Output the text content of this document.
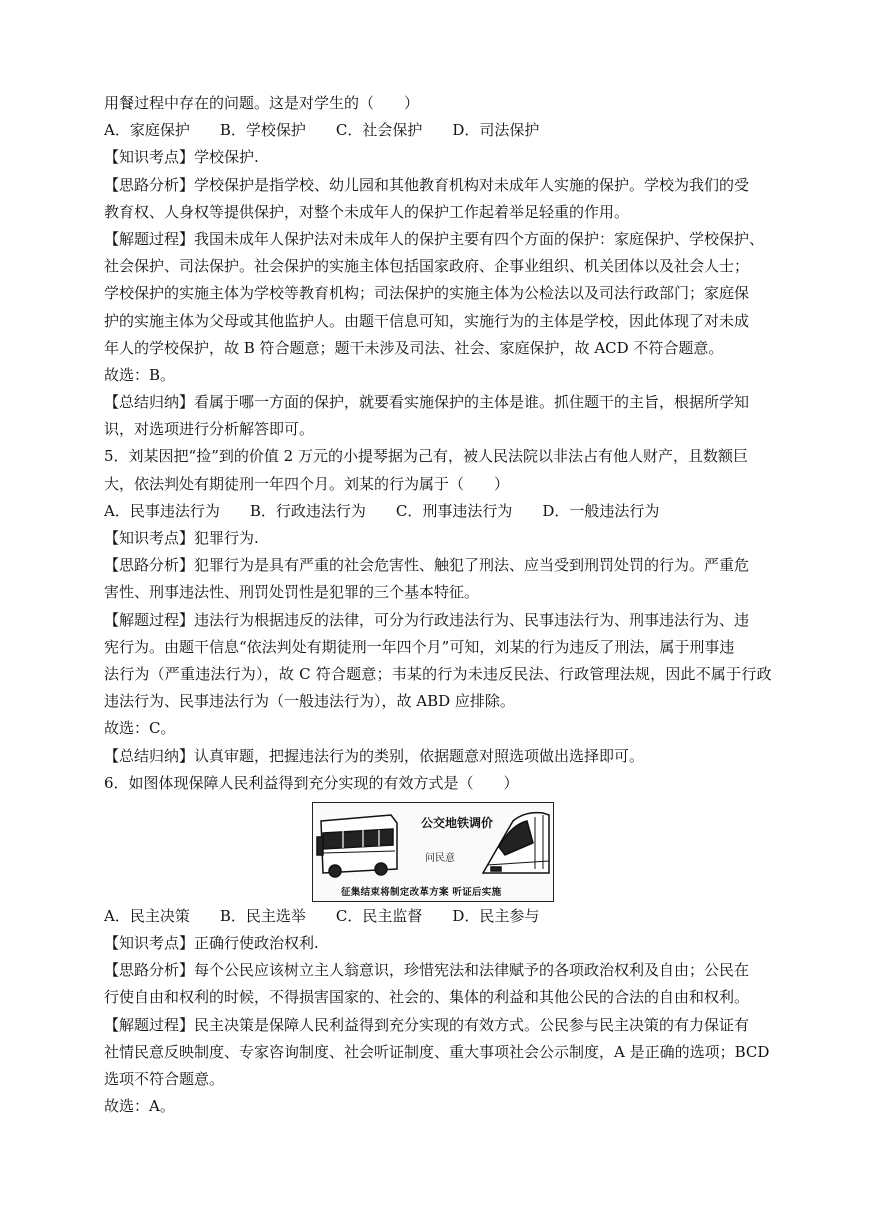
用餐过程中存在的问题。这是对学生的（　　）
A．家庭保护　　B．学校保护　　C．社会保护　　D．司法保护
【知识考点】学校保护.
【思路分析】学校保护是指学校、幼儿园和其他教育机构对未成年人实施的保护。学校为我们的受
教育权、人身权等提供保护，对整个未成年人的保护工作起着举足轻重的作用。
【解题过程】我国未成年人保护法对未成年人的保护主要有四个方面的保护：家庭保护、学校保护、
社会保护、司法保护。社会保护的实施主体包括国家政府、企事业组织、机关团体以及社会人士；
学校保护的实施主体为学校等教育机构；司法保护的实施主体为公检法以及司法行政部门；家庭保
护的实施主体为父母或其他监护人。由题干信息可知，实施行为的主体是学校，因此体现了对未成
年人的学校保护，故 B 符合题意；题干未涉及司法、社会、家庭保护，故 ACD 不符合题意。
故选：B。
【总结归纳】看属于哪一方面的保护，就要看实施保护的主体是谁。抓住题干的主旨，根据所学知
识，对选项进行分析解答即可。
5．刘某因把“捡”到的价值 2 万元的小提琴据为己有，被人民法院以非法占有他人财产，且数额巨
大，依法判处有期徒刑一年四个月。刘某的行为属于（　　）
A．民事违法行为　　B．行政违法行为　　C．刑事违法行为　　D．一般违法行为
【知识考点】犯罪行为.
【思路分析】犯罪行为是具有严重的社会危害性、触犯了刑法、应当受到刑罚处罚的行为。严重危
害性、刑事违法性、刑罚处罚性是犯罪的三个基本特征。
【解题过程】违法行为根据违反的法律，可分为行政违法行为、民事违法行为、刑事违法行为、违
宪行为。由题干信息“依法判处有期徒刑一年四个月”可知，刘某的行为违反了刑法，属于刑事违
法行为（严重违法行为），故 C 符合题意；韦某的行为未违反民法、行政管理法规，因此不属于行政
违法行为、民事违法行为（一般违法行为），故 ABD 应排除。
故选：C。
【总结归纳】认真审题，把握违法行为的类别，依据题意对照选项做出选择即可。
6．如图体现保障人民利益得到充分实现的有效方式是（　　）
公交地铁调价
问民意
征集结束将制定改革方案 听证后实施
A．民主决策　　B．民主选举　　C．民主监督　　D．民主参与
【知识考点】正确行使政治权利.
【思路分析】每个公民应该树立主人翁意识，珍惜宪法和法律赋予的各项政治权利及自由；公民在
行使自由和权利的时候，不得损害国家的、社会的、集体的利益和其他公民的合法的自由和权利。
【解题过程】民主决策是保障人民利益得到充分实现的有效方式。公民参与民主决策的有力保证有
社情民意反映制度、专家咨询制度、社会听证制度、重大事项社会公示制度，A 是正确的选项；BCD
选项不符合题意。
故选：A。
